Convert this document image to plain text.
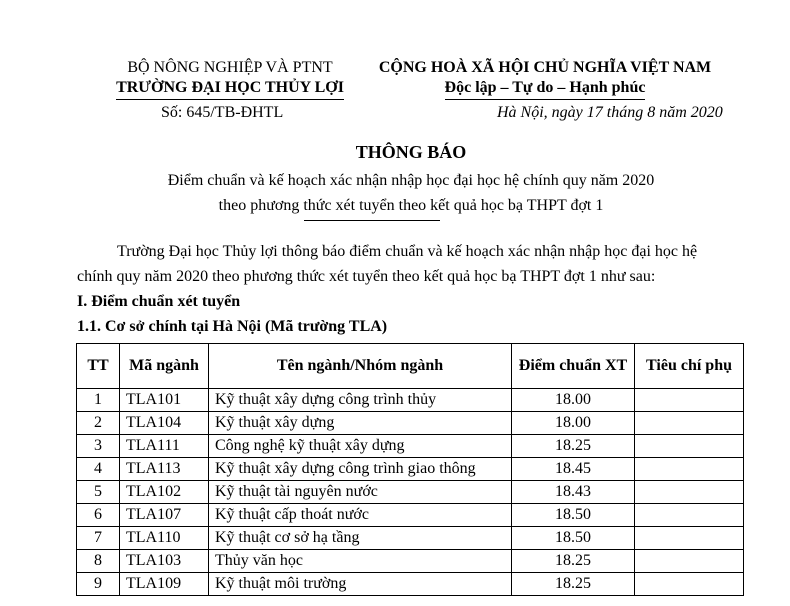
BỘ NÔNG NGHIỆP VÀ PTNT
TRƯỜNG ĐẠI HỌC THỦY LỢI
CỘNG HOÀ XÃ HỘI CHỦ NGHĨA VIỆT NAM
Độc lập – Tự do – Hạnh phúc
Số: 645/TB-ĐHTL	Hà Nội, ngày 17 tháng 8 năm 2020
THÔNG BÁO
Điểm chuẩn và kế hoạch xác nhận nhập học đại học hệ chính quy năm 2020
theo phương thức xét tuyển theo kết quả học bạ THPT đợt 1
Trường Đại học Thủy lợi thông báo điểm chuẩn và kế hoạch xác nhận nhập học đại học hệ
chính quy năm 2020 theo phương thức xét tuyển theo kết quả học bạ THPT đợt 1 như sau:
I. Điểm chuẩn xét tuyển
1.1. Cơ sở chính tại Hà Nội (Mã trường TLA)
TT	Mã ngành	Tên ngành/Nhóm ngành	Điểm chuẩn XT	Tiêu chí phụ
1	TLA101	Kỹ thuật xây dựng công trình thủy	18.00	
2	TLA104	Kỹ thuật xây dựng	18.00	
3	TLA111	Công nghệ kỹ thuật xây dựng	18.25	
4	TLA113	Kỹ thuật xây dựng công trình giao thông	18.45	
5	TLA102	Kỹ thuật tài nguyên nước	18.43	
6	TLA107	Kỹ thuật cấp thoát nước	18.50	
7	TLA110	Kỹ thuật cơ sở hạ tầng	18.50	
8	TLA103	Thủy văn học	18.25	
9	TLA109	Kỹ thuật môi trường	18.25	
